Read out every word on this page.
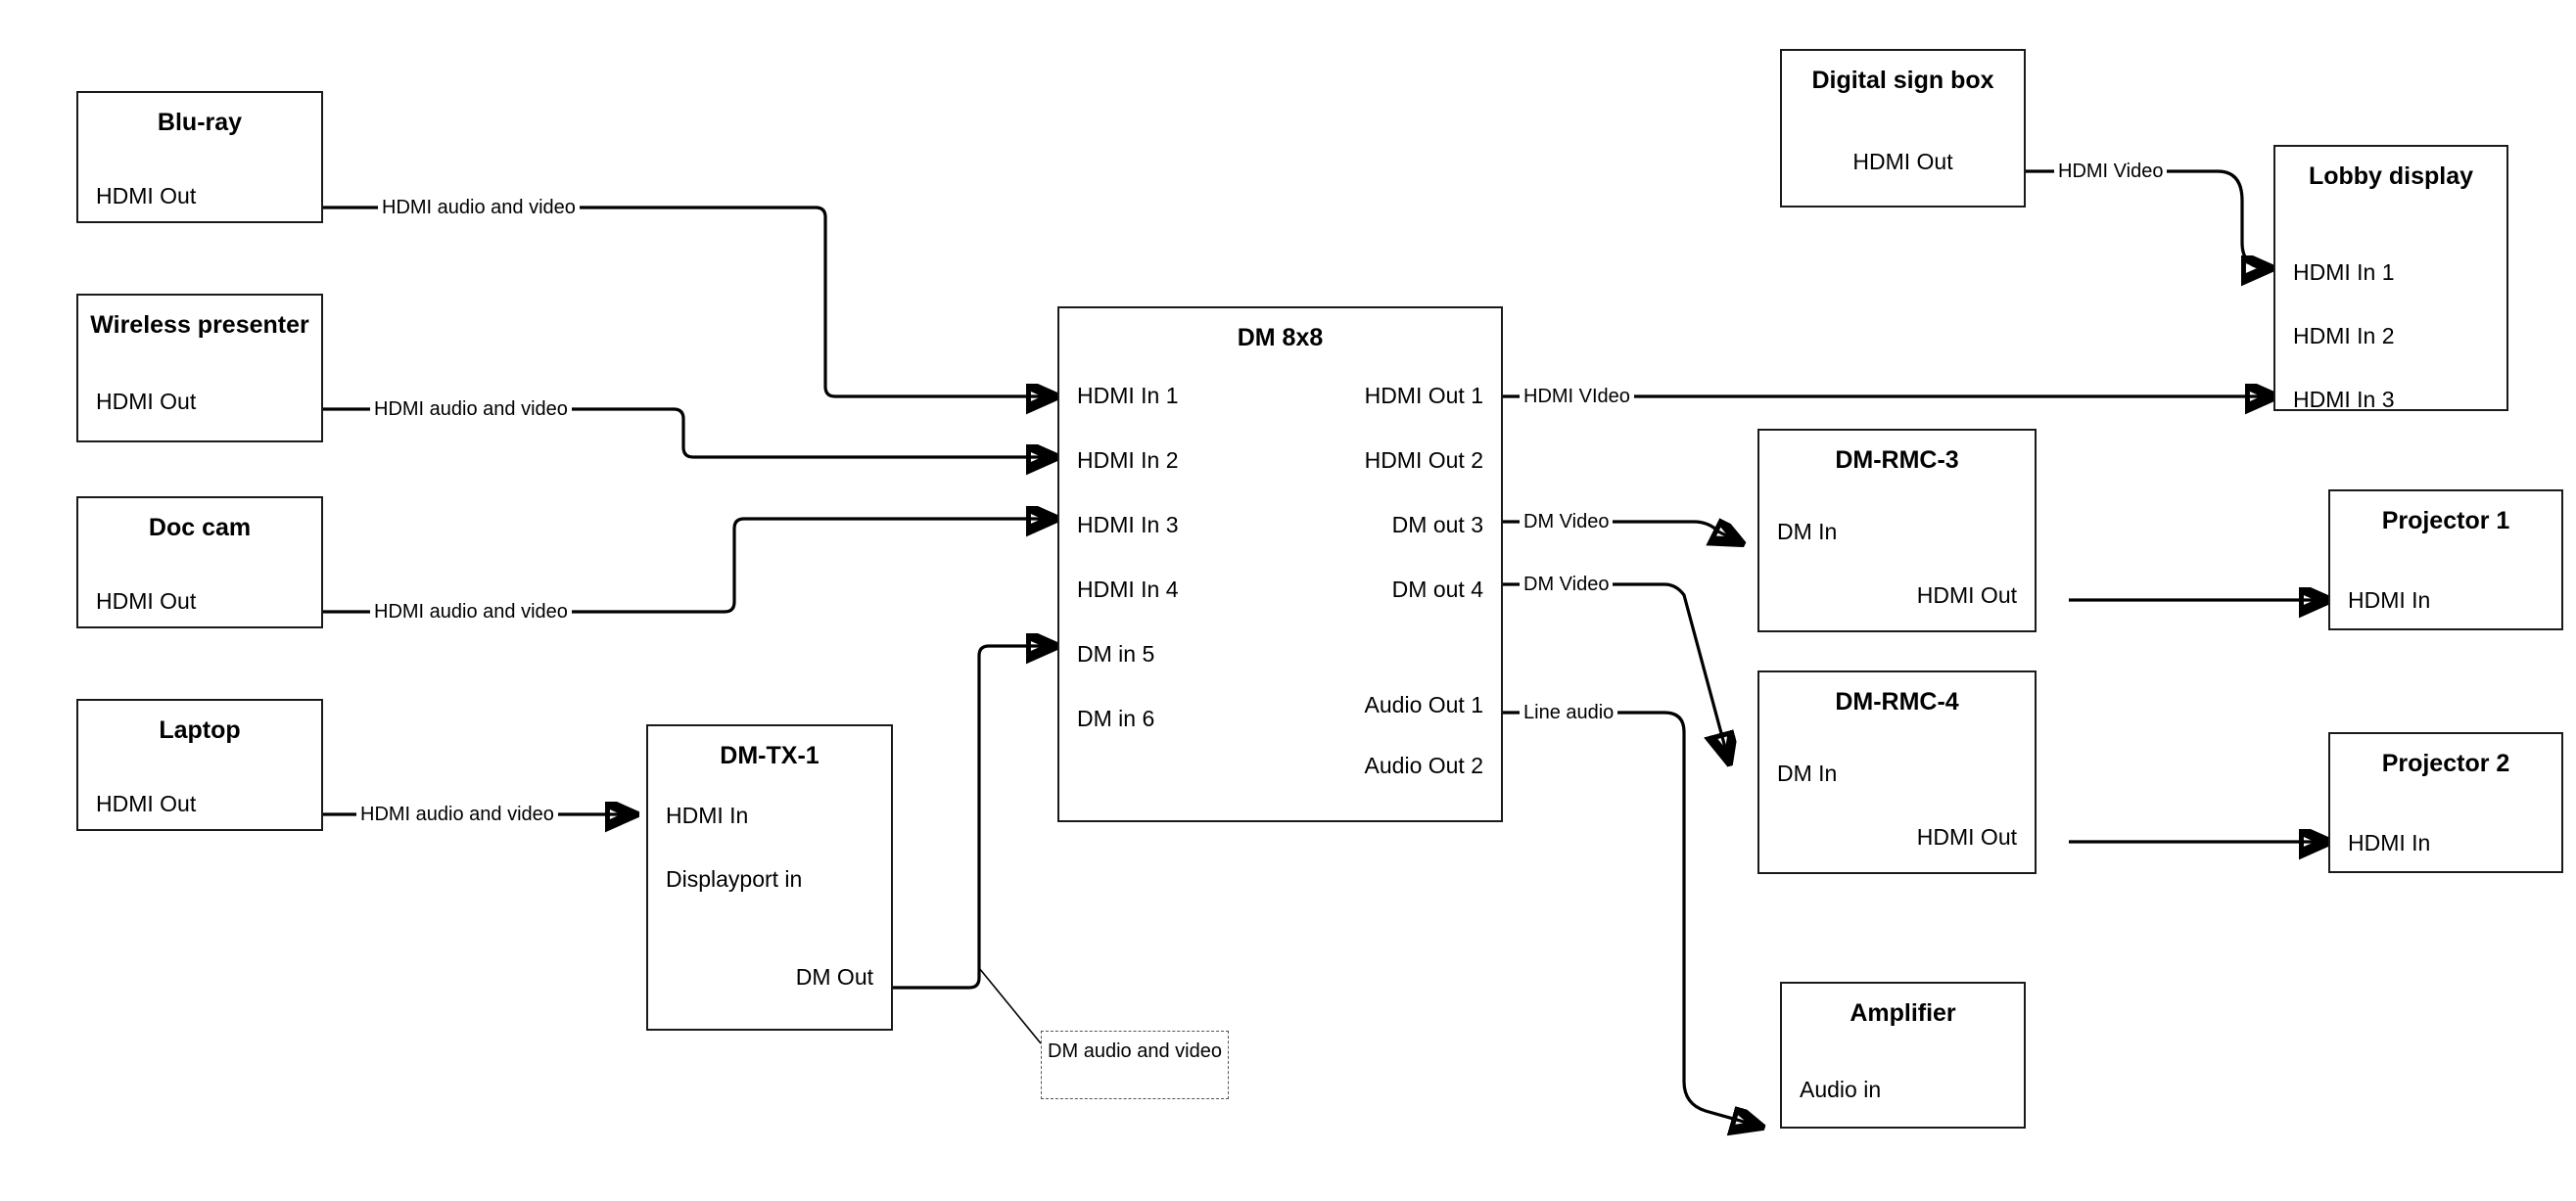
HDMI audio and video
HDMI audio and video
HDMI audio and video
HDMI audio and video
HDMI Video
HDMI VIdeo
DM Video
DM Video
Line audio
DM audio and video
Blu-ray
HDMI Out
Wireless presenter
HDMI Out
Doc cam
HDMI Out
Laptop
HDMI Out
DM-TX-1
HDMI In
Displayport in
DM Out
DM 8x8
HDMI In 1
HDMI In 2
HDMI In 3
HDMI In 4
DM in 5
DM in 6
HDMI Out 1
HDMI Out 2
DM out 3
DM out 4
Audio Out 1
Audio Out 2
Digital sign box
HDMI Out
Lobby display
HDMI In 1
HDMI In 2
HDMI In 3
DM-RMC-3
DM In
HDMI Out
DM-RMC-4
DM In
HDMI Out
Projector 1
HDMI In
Projector 2
HDMI In
Amplifier
Audio in
